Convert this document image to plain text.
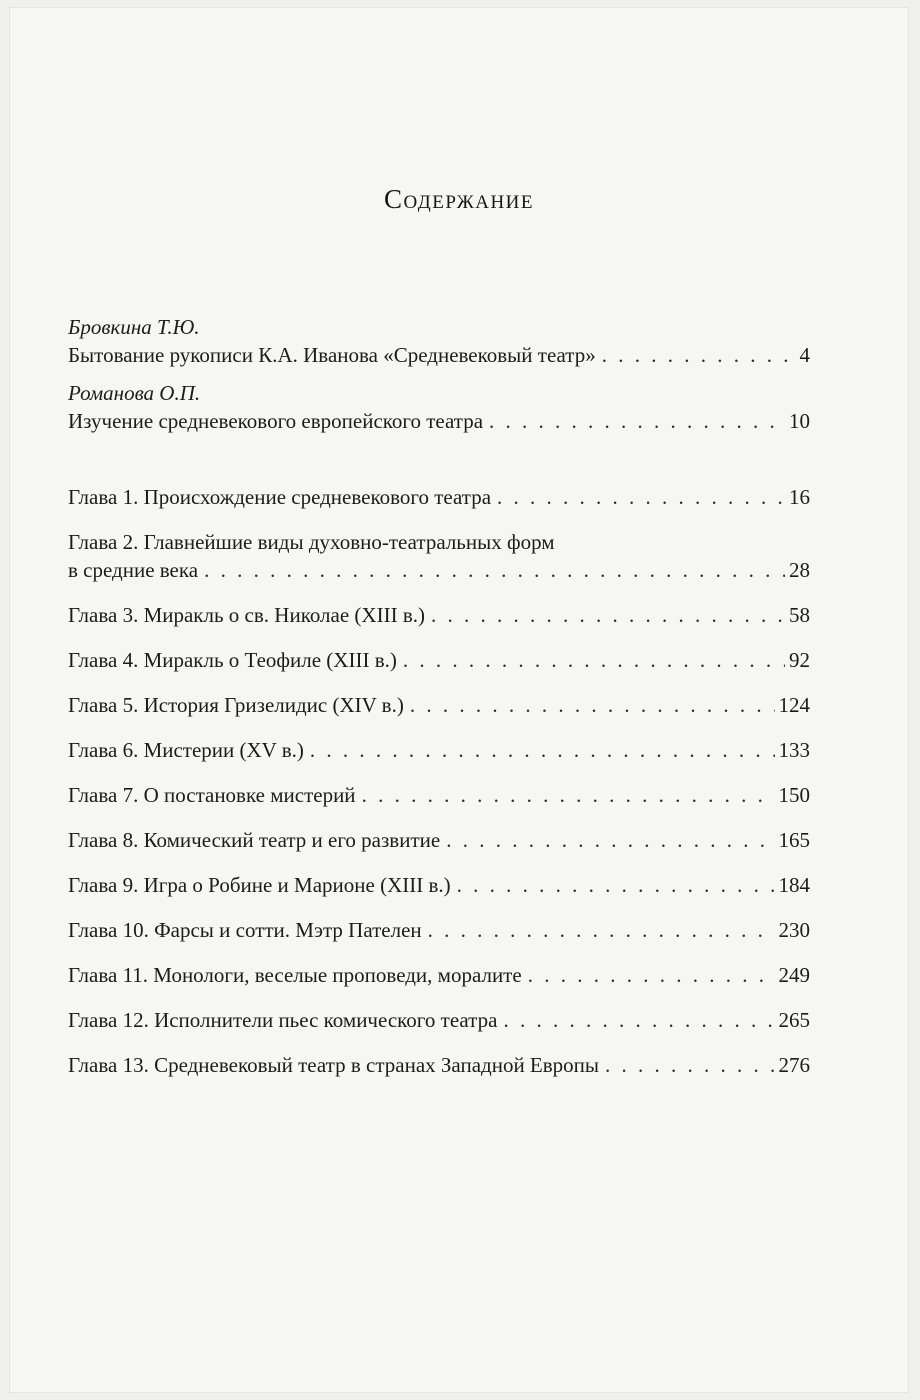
Содержание

Бровкина Т.Ю.

Бытование рукописи К.А. Иванова «Средневековый театр» . . .	4

Романова О.П.

Изучение средневекового европейского театра . . .	10
Глава 1. Происхождение средневекового театра . . .	16
Глава 2. Главнейшие виды духовно-театральных форм
в средние века . . .	28
Глава 3. Миракль о св. Николае (XIII в.) . . .	58
Глава 4. Миракль о Теофиле (XIII в.) . . .	92
Глава 5. История Гризелидис (XIV в.) . . .	124
Глава 6. Мистерии (XV в.) . . .	133
Глава 7. О постановке мистерий . . .	150
Глава 8. Комический театр и его развитие . . .	165
Глава 9. Игра о Робине и Марионе (XIII в.) . . .	184
Глава 10. Фарсы и сотти. Мэтр Пателен . . .	230
Глава 11. Монологи, веселые проповеди, моралите . . .	249
Глава 12. Исполнители пьес комического театра . . .	265
Глава 13. Средневековый театр в странах Западной Европы . . .	276
